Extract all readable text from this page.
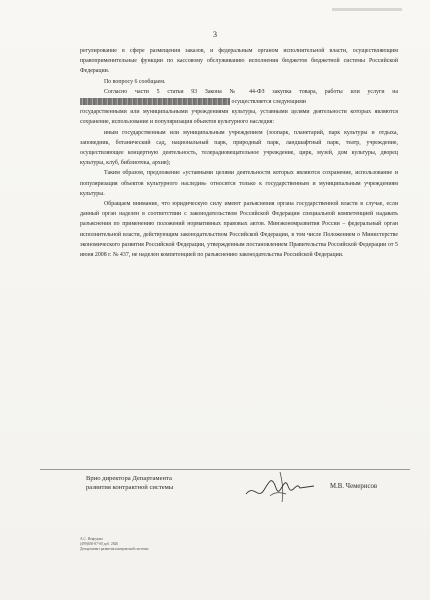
3

регулирование в сфере размещения заказов, и федеральным органом исполнительной власти, осуществляющим правоприменительные функции по кассовому обслуживанию исполнения бюджетов бюджетной системы Российской Федерации.

По вопросу 6 сообщаем.

Согласно части 5 статьи 93 Закона № 44-ФЗ закупка товара, работы или услуги на  осуществляется следующими

государственными или муниципальными учреждениями культуры, уставными целями деятельности которых являются сохранение, использование и популяризация объектов культурного наследия:

иным государственным или муниципальным учреждением (зоопарк, планетарий, парк культуры и отдыха, заповедник, ботанический сад, национальный парк, природный парк, ландшафтный парк, театр, учреждение, осуществляющее концертную деятельность, телерадиовещательное учреждение, цирк, музей, дом культуры, дворец культуры, клуб, библиотека, архив);

Таким образом, предложение «уставными целями деятельности которых являются сохранение, использование и популяризация объектов культурного наследия» относится только к государственным и муниципальным учреждениям культуры.

Обращаем внимание, что юридическую силу имеют разъяснения органа государственной власти в случае, если данный орган наделен в соответствии с законодательством Российской Федерации специальной компетенцией надавать разъяснения по применению положений нормативных правовых актов. Минэкономразвития России – федеральный орган исполнительной власти, действующим законодательством Российской Федерации, в том числе Положением о Министерстве экономического развития Российской Федерации, утвержденным постановлением Правительства Российской Федерации от 5 июня 2008 г. № 437, не наделен компетенцией по разъяснению законодательства Российской Федерации.

Врио директора Департамента
развития контрактной системы	М.В. Чемерисов
А.С. Нефедова
(499)650-87-00 доб. 2820
Департамент развития контрактной системы
